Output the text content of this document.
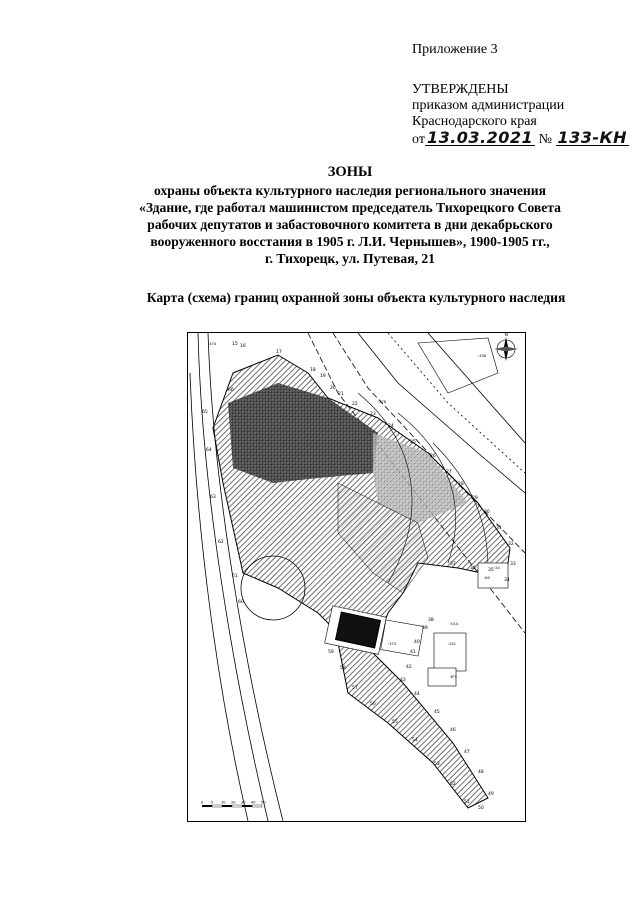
Приложение 3
УТВЕРЖДЕНЫ
приказом администрации
Краснодарского края
от 13.03.2021 № 133-КН
ЗОНЫ
охраны объекта культурного наследия регионального значения
«Здание, где работал машинистом председатель Тихорецкого Совета
рабочих депутатов и забастовочного комитета в дни декабрьского
вооруженного восстания в 1905 г. Л.И. Чернышев», 1900-1905 гг.,
г. Тихорецк, ул. Путевая, 21
Карта (схема) границ охранной зоны объекта культурного наследия
N
0 5 10 20 30 40 50
15 16
17
18
19
20
21
22
23
24
25
26
27
28
29
30
31
32
33
34
35
36
37
38
39
40
41
42
43
44
45
46
47
48
49
50
51
52
53
54
55
56
57
58
59
60
61
62
63
64
65
66
:374
:336
:378
:014
:241
:373
:84
:24
3Р3
